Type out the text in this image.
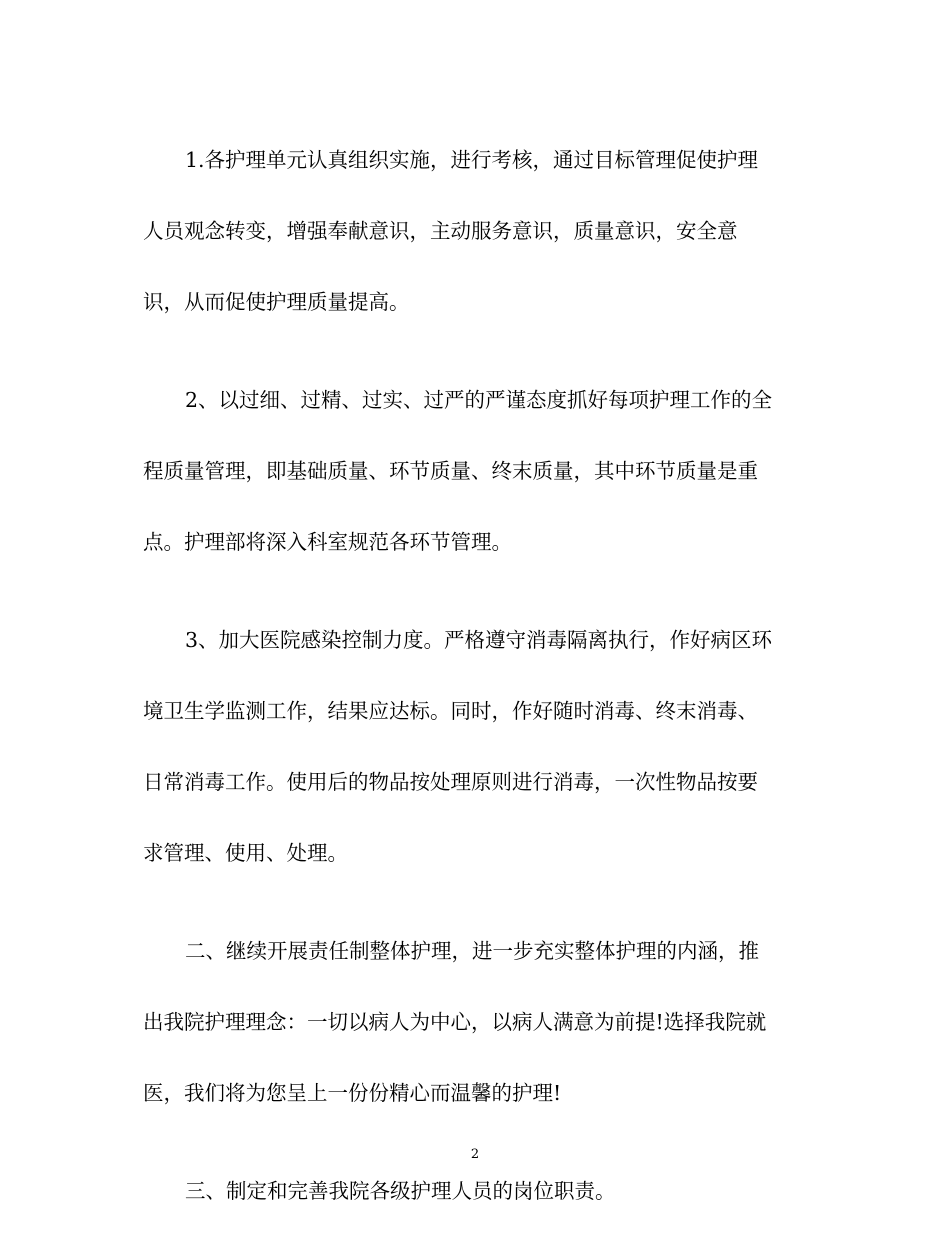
1.各护理单元认真组织实施，进行考核，通过目标管理促使护理
人员观念转变，增强奉献意识，主动服务意识，质量意识，安全意
识，从而促使护理质量提高。

2、以过细、过精、过实、过严的严谨态度抓好每项护理工作的全
程质量管理，即基础质量、环节质量、终末质量，其中环节质量是重
点。护理部将深入科室规范各环节管理。

3、加大医院感染控制力度。严格遵守消毒隔离执行，作好病区环
境卫生学监测工作，结果应达标。同时，作好随时消毒、终末消毒、
日常消毒工作。使用后的物品按处理原则进行消毒，一次性物品按要
求管理、使用、处理。

二、继续开展责任制整体护理，进一步充实整体护理的内涵，推
出我院护理理念：一切以病人为中心，以病人满意为前提!选择我院就
医，我们将为您呈上一份份精心而温馨的护理!

三、制定和完善我院各级护理人员的岗位职责。

2
